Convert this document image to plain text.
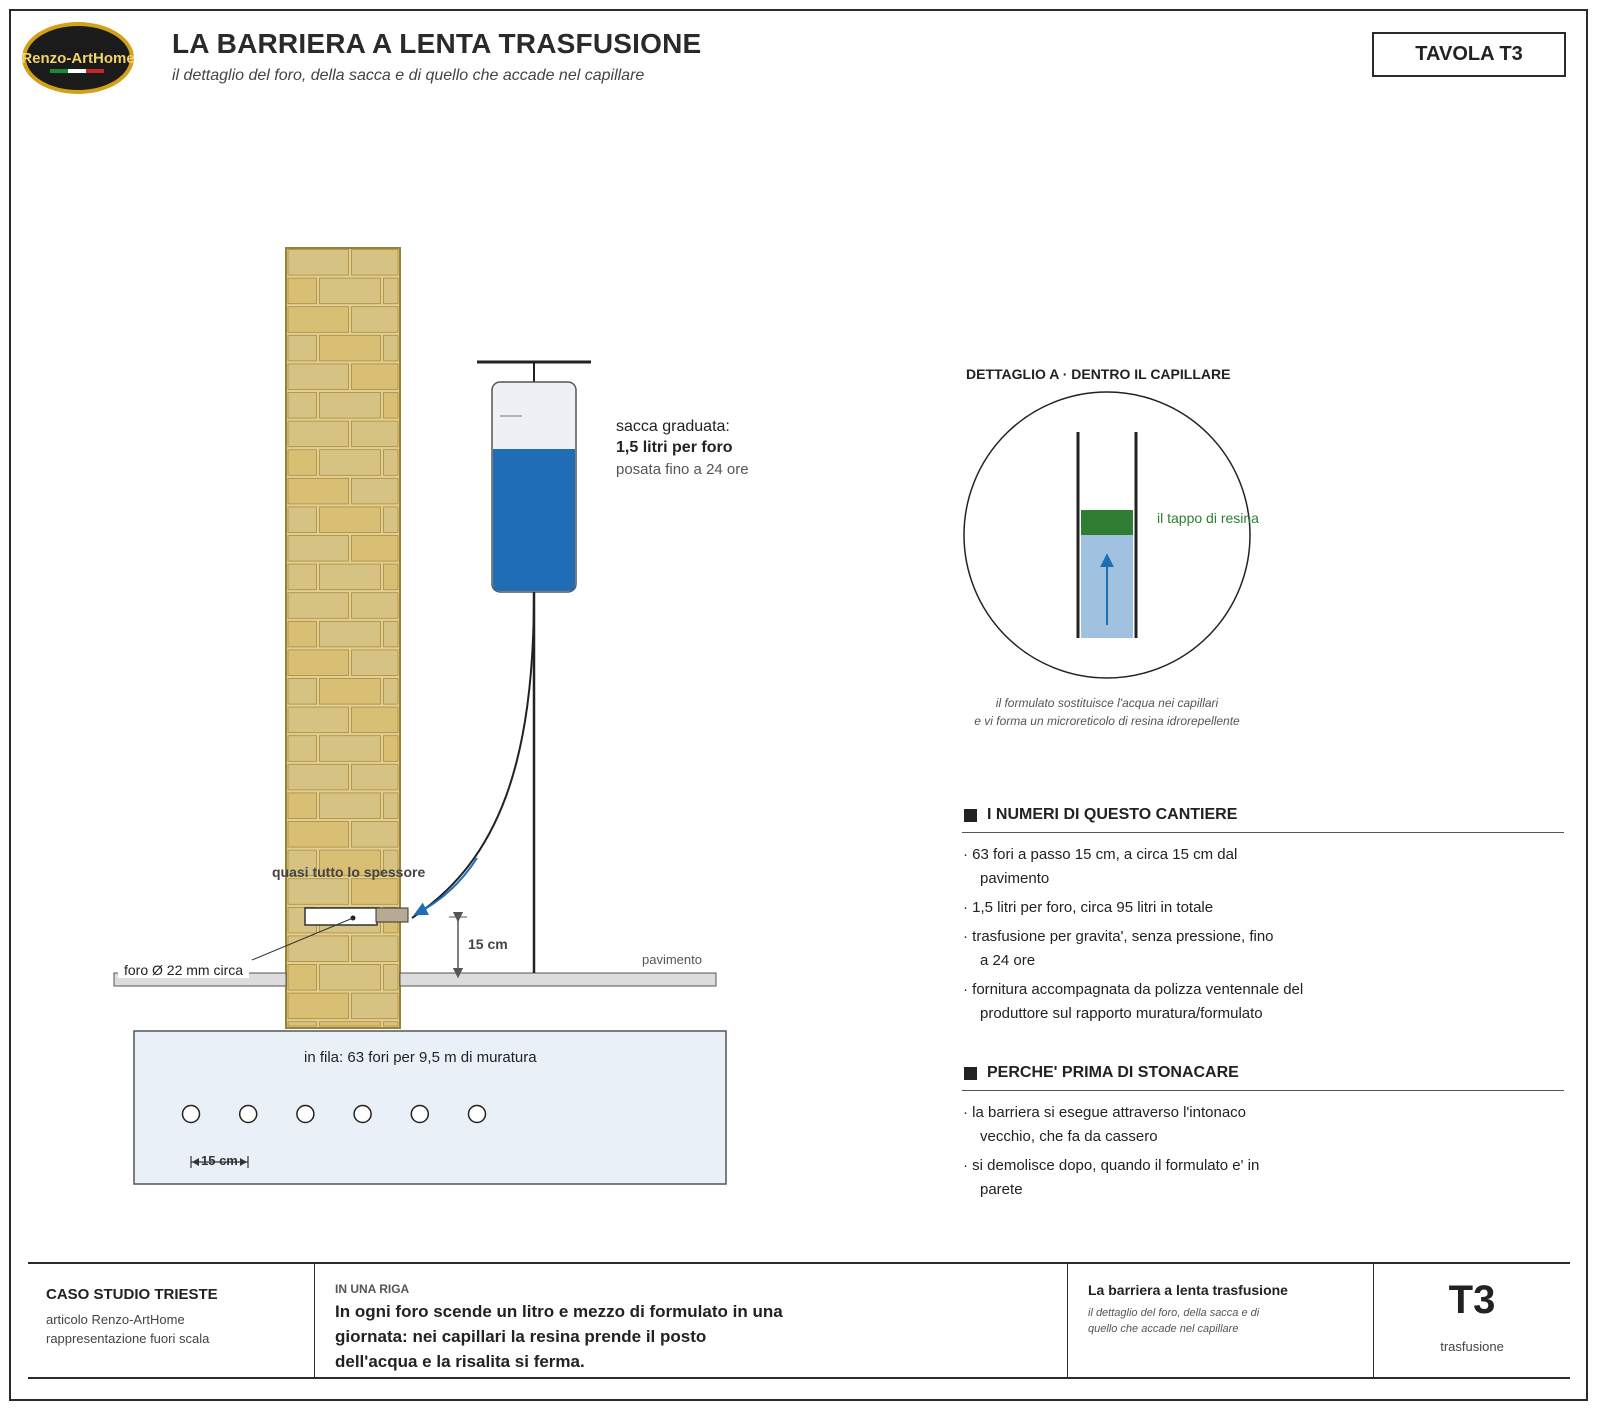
Renzo-ArtHome LA BARRIERA A LENTA TRASFUSIONE
il dettaglio del foro, della sacca e di quello che accade nel capillare
TAVOLA T3
sacca graduata:
1,5 litri per foro
posata fino a 24 ore
quasi tutto lo spessore
foro Ø 22 mm circa
15 cm
pavimento
in fila: 63 fori per 9,5 m di muratura
15 cm
DETTAGLIO A · DENTRO IL CAPILLARE
il tappo di resina
il formulato sostituisce l'acqua nei capillari
e vi forma un microreticolo di resina idrorepellente
I NUMERI DI QUESTO CANTIERE
· 63 fori a passo 15 cm, a circa 15 cm dal
pavimento
· 1,5 litri per foro, circa 95 litri in totale
· trasfusione per gravita', senza pressione, fino
a 24 ore
· fornitura accompagnata da polizza ventennale del
produttore sul rapporto muratura/formulato
PERCHE' PRIMA DI STONACARE
· la barriera si esegue attraverso l'intonaco
vecchio, che fa da cassero
· si demolisce dopo, quando il formulato e' in
parete
CASO STUDIO TRIESTE
articolo Renzo-ArtHome
rappresentazione fuori scala
IN UNA RIGA
In ogni foro scende un litro e mezzo di formulato in una
giornata: nei capillari la resina prende il posto
dell'acqua e la risalita si ferma.
La barriera a lenta trasfusione
il dettaglio del foro, della sacca e di
quello che accade nel capillare
T3
trasfusione
